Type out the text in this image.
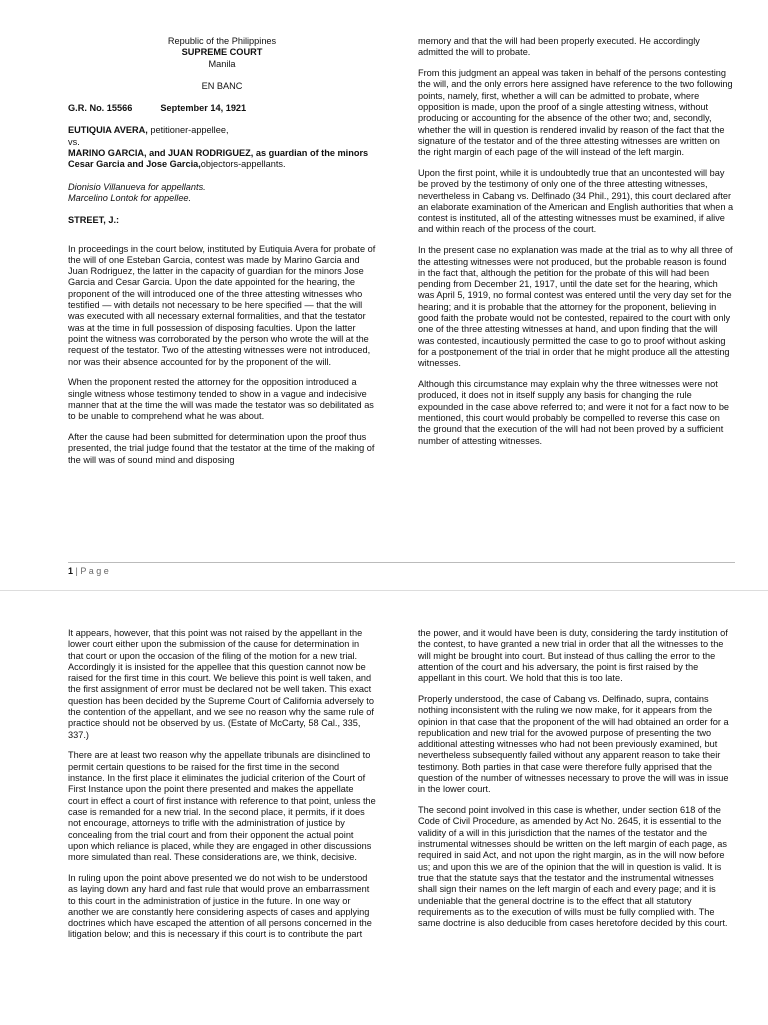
Republic of the Philippines
SUPREME COURT
Manila
EN BANC
G.R. No. 15566	September 14, 1921
EUTIQUIA AVERA, petitioner-appellee,
vs.
MARINO GARCIA, and JUAN RODRIGUEZ, as guardian of the minors Cesar Garcia and Jose Garcia,objectors-appellants.
Dionisio Villanueva for appellants.
Marcelino Lontok for appellee.
STREET, J.:

In proceedings in the court below, instituted by Eutiquia Avera for probate of the will of one Esteban Garcia, contest was made by Marino Garcia and Juan Rodriguez, the latter in the capacity of guardian for the minors Jose Garcia and Cesar Garcia. Upon the date appointed for the hearing, the proponent of the will introduced one of the three attesting witnesses who testified — with details not necessary to be here specified — that the will was executed with all necessary external formalities, and that the testator was at the time in full possession of disposing faculties. Upon the latter point the witness was corroborated by the person who wrote the will at the request of the testator. Two of the attesting witnesses were not introduced, nor was their absence accounted for by the proponent of the will.

When the proponent rested the attorney for the opposition introduced a single witness whose testimony tended to show in a vague and indecisive manner that at the time the will was made the testator was so debilitated as to be unable to comprehend what he was about.

After the cause had been submitted for determination upon the proof thus presented, the trial judge found that the testator at the time of the making of the will was of sound mind and disposing

memory and that the will had been properly executed. He accordingly admitted the will to probate.

From this judgment an appeal was taken in behalf of the persons contesting the will, and the only errors here assigned have reference to the two following points, namely, first, whether a will can be admitted to probate, where opposition is made, upon the proof of a single attesting witness, without producing or accounting for the absence of the other two; and, secondly, whether the will in question is rendered invalid by reason of the fact that the signature of the testator and of the three attesting witnesses are written on the right margin of each page of the will instead of the left margin.

Upon the first point, while it is undoubtedly true that an uncontested will bay be proved by the testimony of only one of the three attesting witnesses, nevertheless in Cabang vs. Delfinado (34 Phil., 291), this court declared after an elaborate examination of the American and English authorities that when a contest is instituted, all of the attesting witnesses must be examined, if alive and within reach of the process of the court.

In the present case no explanation was made at the trial as to why all three of the attesting witnesses were not produced, but the probable reason is found in the fact that, although the petition for the probate of this will had been pending from December 21, 1917, until the date set for the hearing, which was April 5, 1919, no formal contest was entered until the very day set for the hearing; and it is probable that the attorney for the proponent, believing in good faith the probate would not be contested, repaired to the court with only one of the three attesting witnesses at hand, and upon finding that the will was contested, incautiously permitted the case to go to proof without asking for a postponement of the trial in order that he might produce all the attesting witnesses.

Although this circumstance may explain why the three witnesses were not produced, it does not in itself supply any basis for changing the rule expounded in the case above referred to; and were it not for a fact now to be mentioned, this court would probably be compelled to reverse this case on the ground that the execution of the will had not been proved by a sufficient number of attesting witnesses.

1 | P a g e

It appears, however, that this point was not raised by the appellant in the lower court either upon the submission of the cause for determination in that court or upon the occasion of the filing of the motion for a new trial. Accordingly it is insisted for the appellee that this question cannot now be raised for the first time in this court. We believe this point is well taken, and the first assignment of error must be declared not be well taken. This exact question has been decided by the Supreme Court of California adversely to the contention of the appellant, and we see no reason why the same rule of practice should not be observed by us. (Estate of McCarty, 58 Cal., 335, 337.)

There are at least two reason why the appellate tribunals are disinclined to permit certain questions to be raised for the first time in the second instance. In the first place it eliminates the judicial criterion of the Court of First Instance upon the point there presented and makes the appellate court in effect a court of first instance with reference to that point, unless the case is remanded for a new trial. In the second place, it permits, if it does not encourage, attorneys to trifle with the administration of justice by concealing from the trial court and from their opponent the actual point upon which reliance is placed, while they are engaged in other discussions more simulated than real. These considerations are, we think, decisive.

In ruling upon the point above presented we do not wish to be understood as laying down any hard and fast rule that would prove an embarrassment to this court in the administration of justice in the future. In one way or another we are constantly here considering aspects of cases and applying doctrines which have escaped the attention of all persons concerned in the litigation below; and this is necessary if this court is to contribute the part

the power, and it would have been is duty, considering the tardy institution of the contest, to have granted a new trial in order that all the witnesses to the will might be brought into court. But instead of thus calling the error to the attention of the court and his adversary, the point is first raised by the appellant in this court. We hold that this is too late.

Properly understood, the case of Cabang vs. Delfinado, supra, contains nothing inconsistent with the ruling we now make, for it appears from the opinion in that case that the proponent of the will had obtained an order for a republication and new trial for the avowed purpose of presenting the two additional attesting witnesses who had not been previously examined, but nevertheless subsequently failed without any apparent reason to take their testimony. Both parties in that case were therefore fully apprised that the question of the number of witnesses necessary to prove the will was in issue in the lower court.

The second point involved in this case is whether, under section 618 of the Code of Civil Procedure, as amended by Act No. 2645, it is essential to the validity of a will in this jurisdiction that the names of the testator and the instrumental witnesses should be written on the left margin of each page, as required in said Act, and not upon the right margin, as in the will now before us; and upon this we are of the opinion that the will in question is valid. It is true that the statute says that the testator and the instrumental witnesses shall sign their names on the left margin of each and every page; and it is undeniable that the general doctrine is to the effect that all statutory requirements as to the execution of wills must be fully complied with. The same doctrine is also deducible from cases heretofore decided by this court.
